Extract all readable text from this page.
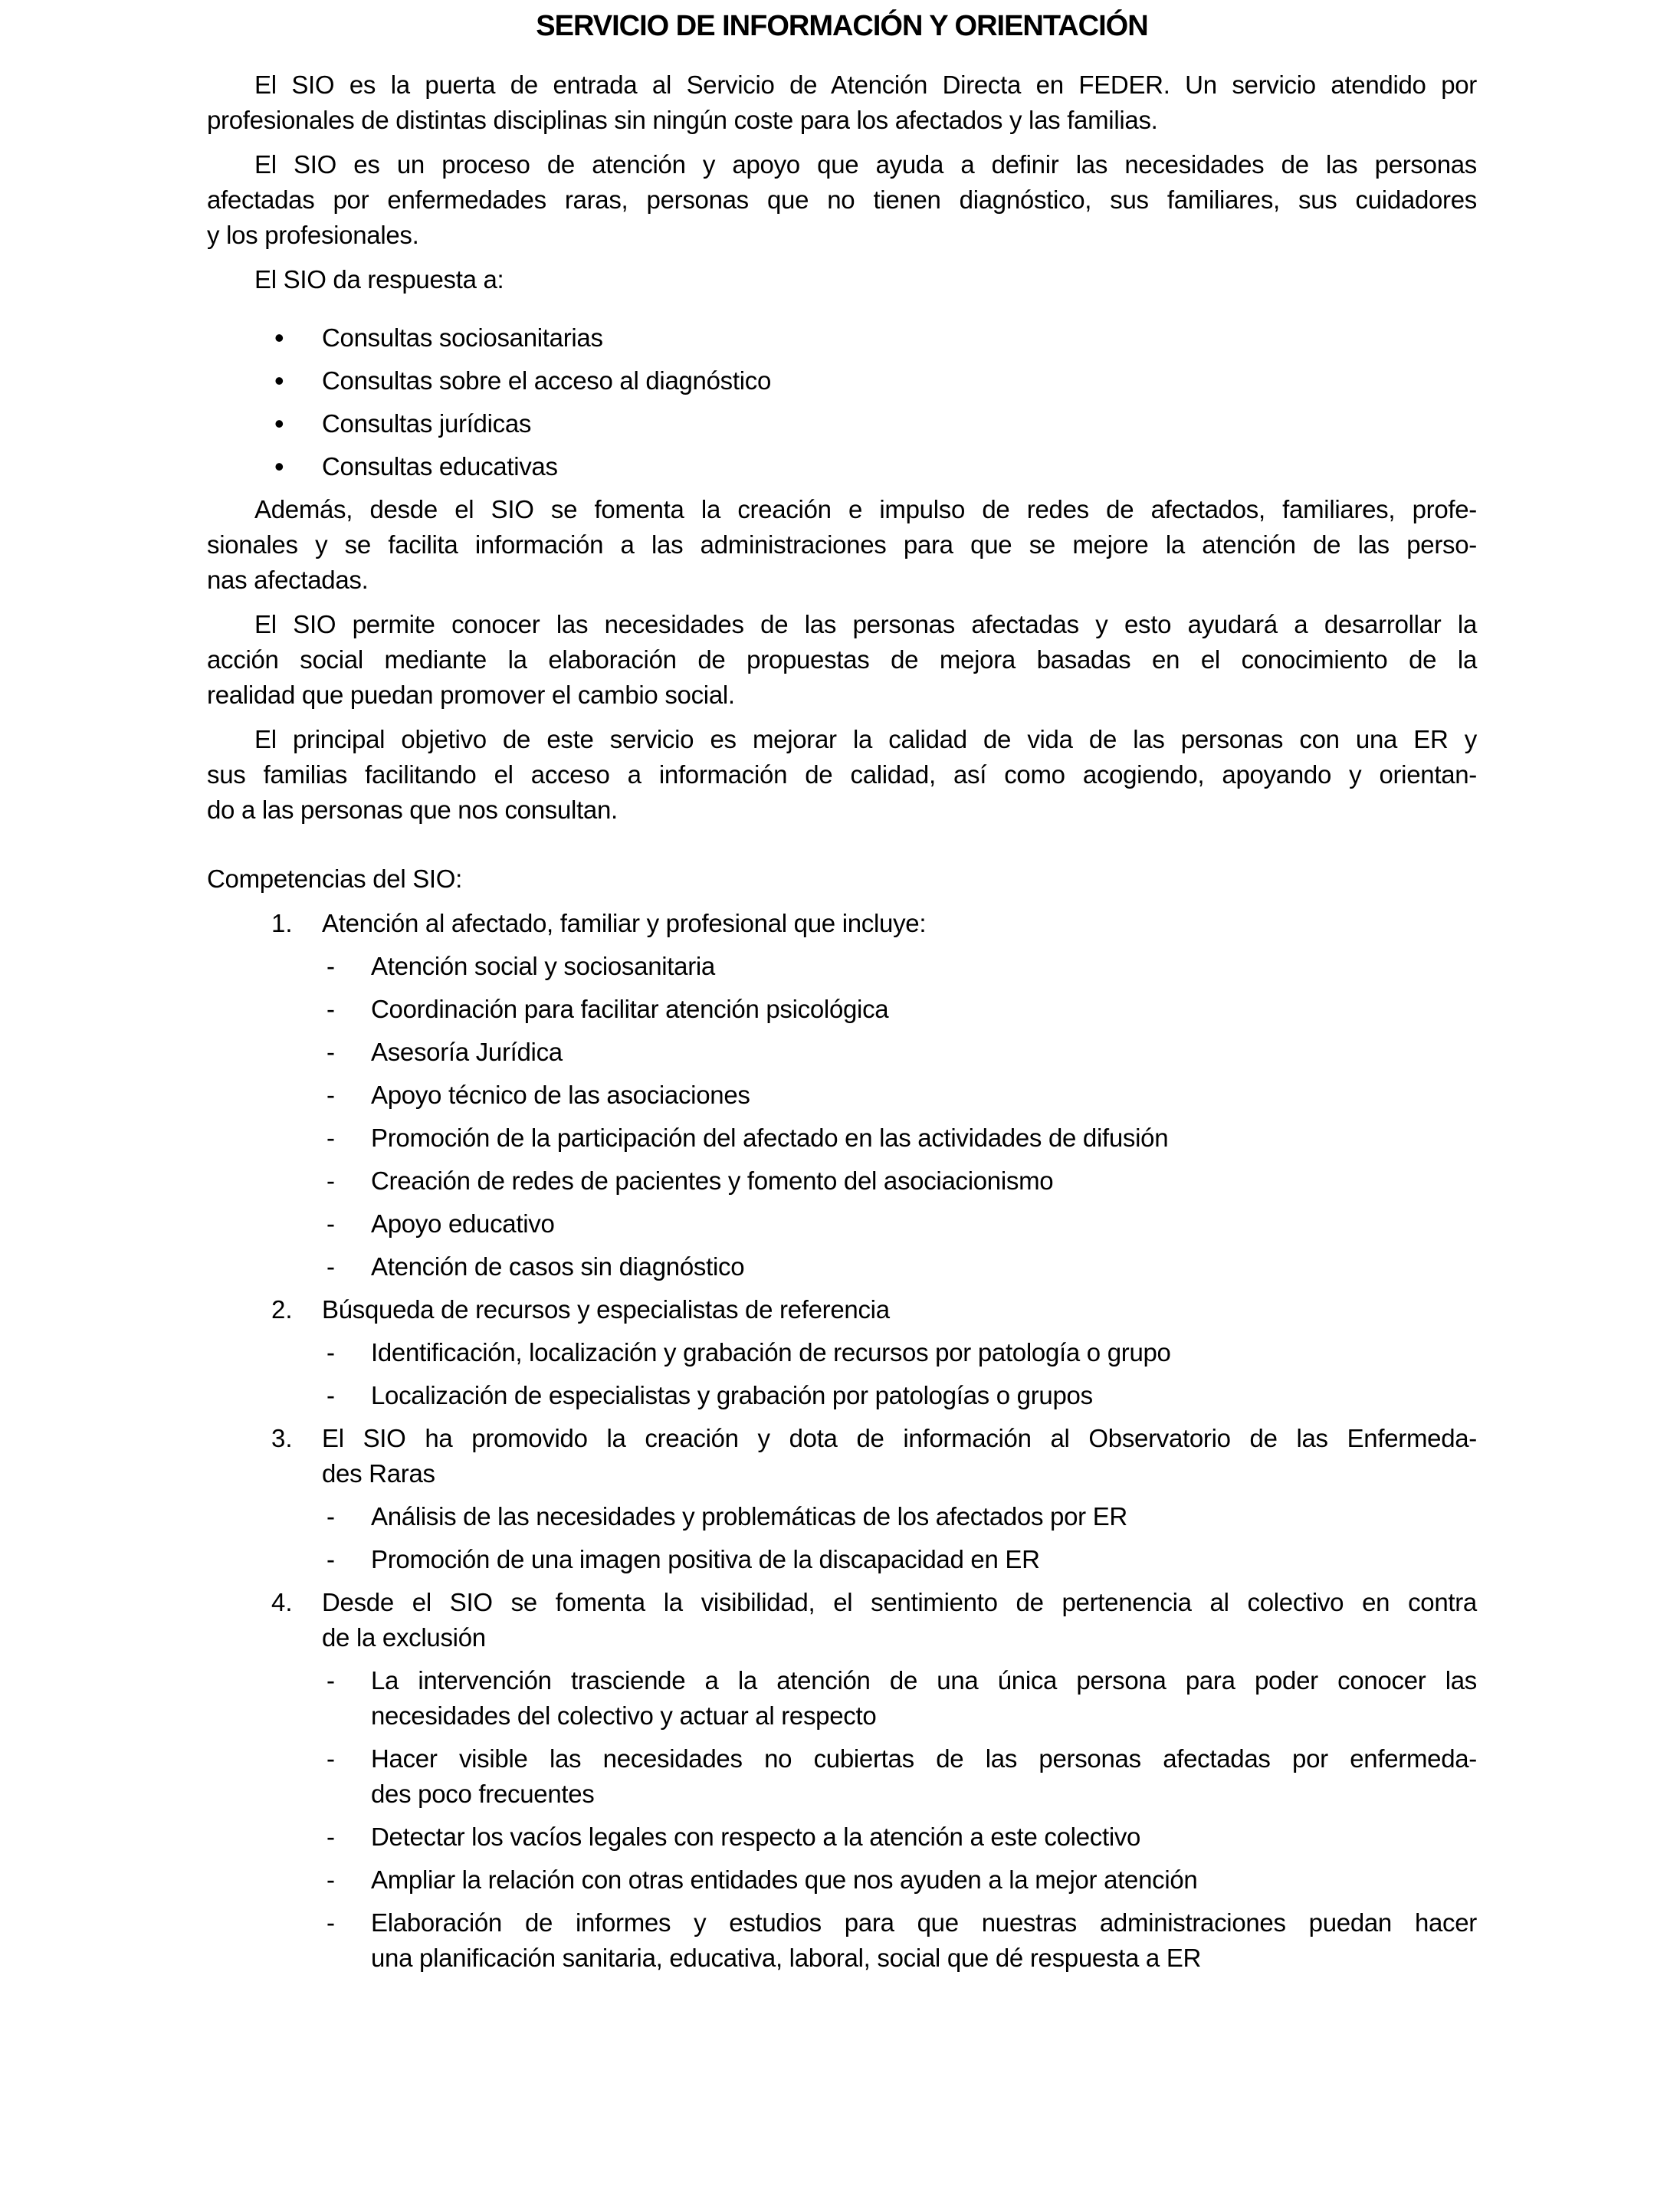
SERVICIO DE INFORMACIÓN Y ORIENTACIÓN
El SIO es la puerta de entrada al Servicio de Atención Directa en FEDER. Un servicio atendido por
profesionales de distintas disciplinas sin ningún coste para los afectados y las familias.
El SIO es un proceso de atención y apoyo que ayuda a definir las necesidades de las personas
afectadas por enfermedades raras, personas que no tienen diagnóstico, sus familiares, sus cuidadores
y los profesionales.
El SIO da respuesta a:
• Consultas sociosanitarias
• Consultas sobre el acceso al diagnóstico
• Consultas jurídicas
• Consultas educativas
Además, desde el SIO se fomenta la creación e impulso de redes de afectados, familiares, profe-
sionales y se facilita información a las administraciones para que se mejore la atención de las perso-
nas afectadas.
El SIO permite conocer las necesidades de las personas afectadas y esto ayudará a desarrollar la
acción social mediante la elaboración de propuestas de mejora basadas en el conocimiento de la
realidad que puedan promover el cambio social.
El principal objetivo de este servicio es mejorar la calidad de vida de las personas con una ER y
sus familias facilitando el acceso a información de calidad, así como acogiendo, apoyando y orientan-
do a las personas que nos consultan.
Competencias del SIO:
1. Atención al afectado, familiar y profesional que incluye:
- Atención social y sociosanitaria
- Coordinación para facilitar atención psicológica
- Asesoría Jurídica
- Apoyo técnico de las asociaciones
- Promoción de la participación del afectado en las actividades de difusión
- Creación de redes de pacientes y fomento del asociacionismo
- Apoyo educativo
- Atención de casos sin diagnóstico
2. Búsqueda de recursos y especialistas de referencia
- Identificación, localización y grabación de recursos por patología o grupo
- Localización de especialistas y grabación por patologías o grupos
3. El SIO ha promovido la creación y dota de información al Observatorio de las Enfermeda-
des Raras
- Análisis de las necesidades y problemáticas de los afectados por ER
- Promoción de una imagen positiva de la discapacidad en ER
4. Desde el SIO se fomenta la visibilidad, el sentimiento de pertenencia al colectivo en contra
de la exclusión
- La intervención trasciende a la atención de una única persona para poder conocer las
necesidades del colectivo y actuar al respecto
- Hacer visible las necesidades no cubiertas de las personas afectadas por enfermeda-
des poco frecuentes
- Detectar los vacíos legales con respecto a la atención a este colectivo
- Ampliar la relación con otras entidades que nos ayuden a la mejor atención
- Elaboración de informes y estudios para que nuestras administraciones puedan hacer
una planificación sanitaria, educativa, laboral, social que dé respuesta a ER
